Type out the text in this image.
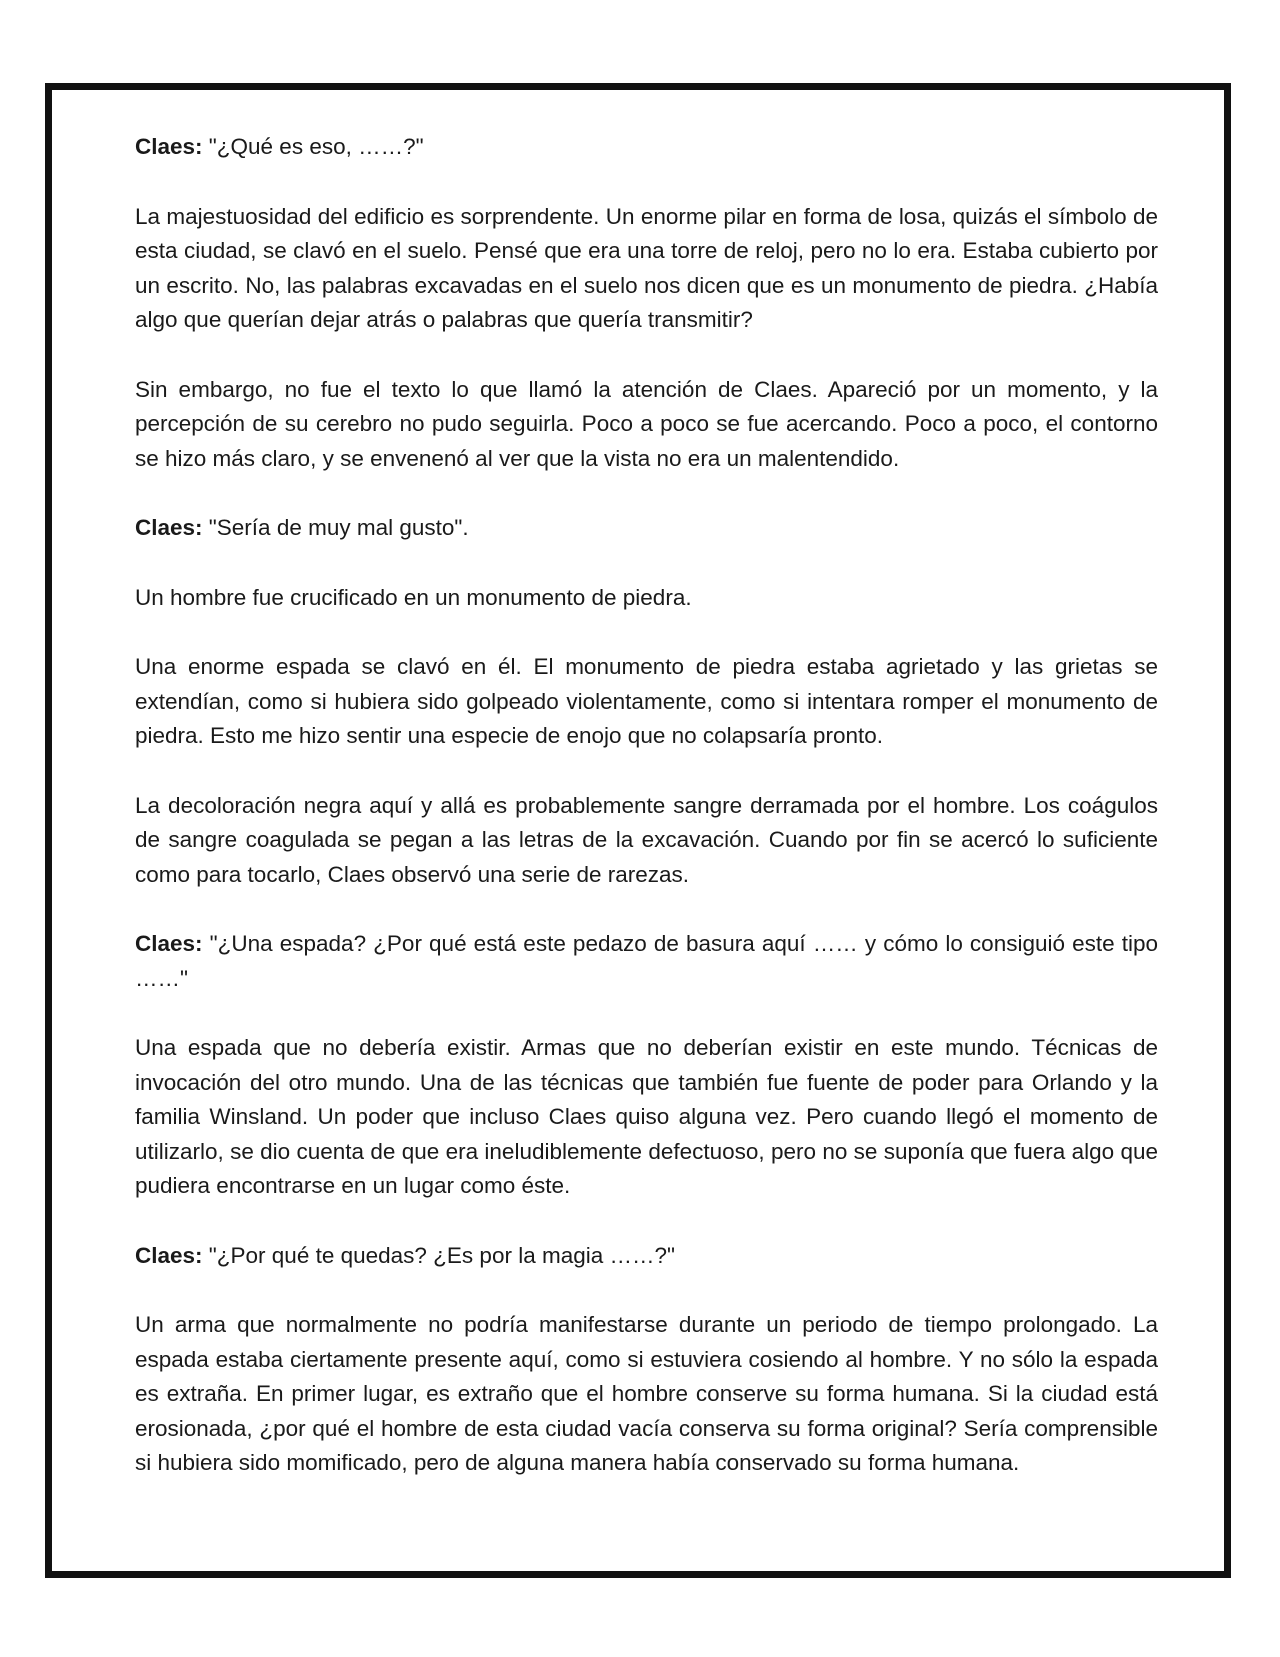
Claes: "¿Qué es eso, ……?"

La majestuosidad del edificio es sorprendente. Un enorme pilar en forma de losa, quizás el símbolo de esta ciudad, se clavó en el suelo. Pensé que era una torre de reloj, pero no lo era. Estaba cubierto por un escrito. No, las palabras excavadas en el suelo nos dicen que es un monumento de piedra. ¿Había algo que querían dejar atrás o palabras que quería transmitir?

Sin embargo, no fue el texto lo que llamó la atención de Claes. Apareció por un momento, y la percepción de su cerebro no pudo seguirla. Poco a poco se fue acercando. Poco a poco, el contorno se hizo más claro, y se envenenó al ver que la vista no era un malentendido.

Claes: "Sería de muy mal gusto".

Un hombre fue crucificado en un monumento de piedra.

Una enorme espada se clavó en él. El monumento de piedra estaba agrietado y las grietas se extendían, como si hubiera sido golpeado violentamente, como si intentara romper el monumento de piedra. Esto me hizo sentir una especie de enojo que no colapsaría pronto.

La decoloración negra aquí y allá es probablemente sangre derramada por el hombre. Los coágulos de sangre coagulada se pegan a las letras de la excavación. Cuando por fin se acercó lo suficiente como para tocarlo, Claes observó una serie de rarezas.

Claes: "¿Una espada? ¿Por qué está este pedazo de basura aquí …… y cómo lo consiguió este tipo ……"

Una espada que no debería existir. Armas que no deberían existir en este mundo. Técnicas de invocación del otro mundo. Una de las técnicas que también fue fuente de poder para Orlando y la familia Winsland. Un poder que incluso Claes quiso alguna vez. Pero cuando llegó el momento de utilizarlo, se dio cuenta de que era ineludiblemente defectuoso, pero no se suponía que fuera algo que pudiera encontrarse en un lugar como éste.

Claes: "¿Por qué te quedas? ¿Es por la magia ……?"

Un arma que normalmente no podría manifestarse durante un periodo de tiempo prolongado. La espada estaba ciertamente presente aquí, como si estuviera cosiendo al hombre. Y no sólo la espada es extraña. En primer lugar, es extraño que el hombre conserve su forma humana. Si la ciudad está erosionada, ¿por qué el hombre de esta ciudad vacía conserva su forma original? Sería comprensible si hubiera sido momificado, pero de alguna manera había conservado su forma humana.
